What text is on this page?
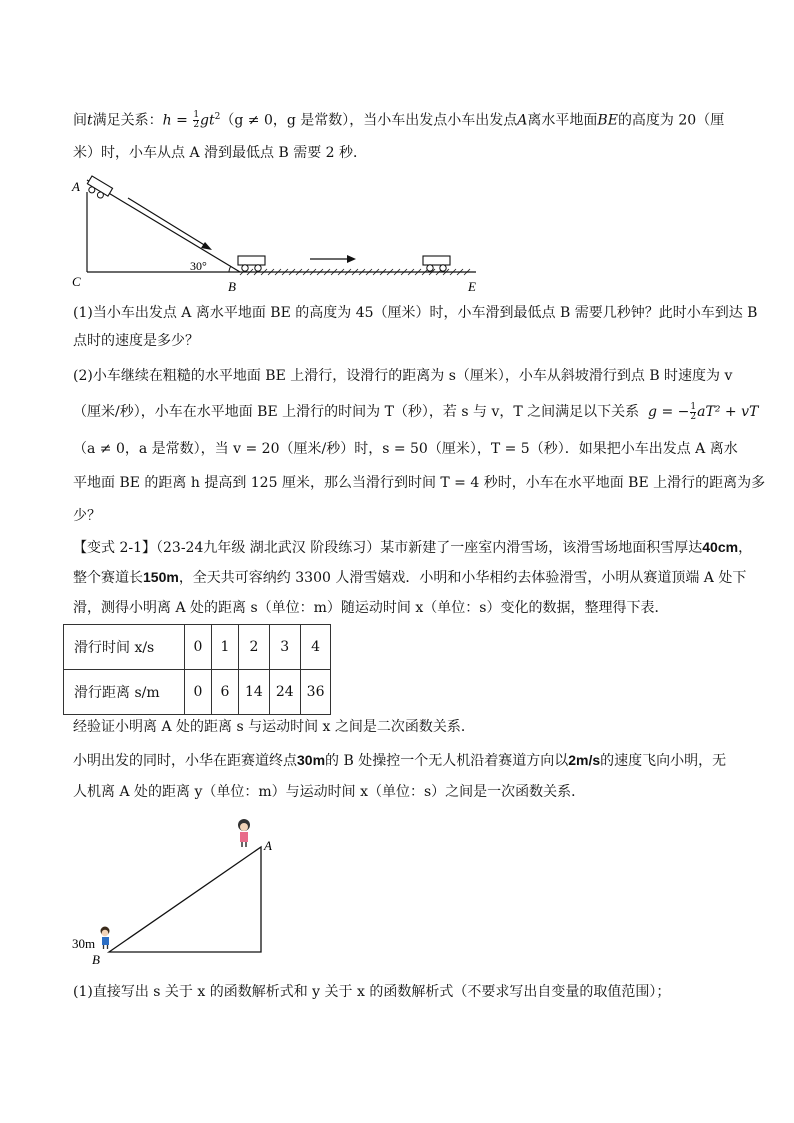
间t满足关系：$h = \frac{1}{2} gt^2(g \ne 0$，g 是常数），当小车出发点小车出发点A离水平地面BE的高度为 20（厘
米）时，小车从点 A 滑到最低点 B 需要 2 秒．
30°
A
C	B	E
(1)当小车出发点 A 离水平地面 BE 的高度为 45（厘米）时，小车滑到最低点 B 需要几秒钟？此时小车到达 B
点时的速度是多少？
(2)小车继续在粗糙的水平地面 BE 上滑行，设滑行的距离为 s（厘米），小车从斜坡滑行到点 B 时速度为 v
（厘米/秒），小车在水平地面 BE 上滑行的时间为 T（秒），若 s 与 v，T 之间满足以下关系  g = − $\frac{1}{2} aT^2$ + vT
（a ≠ 0，a 是常数），当 v = 20（厘米/秒）时，s = 50（厘米），T = 5（秒）．如果把小车出发点 A 离水
平地面 BE 的距离 h 提高到 125 厘米，那么当滑行到时间 T = 4 秒时，小车在水平地面 BE 上滑行的距离为多
少？
【变式 2-1】（23-24九年级 湖北武汉 阶段练习）某市新建了一座室内滑雪场，该滑雪场地面积雪厚达40cm，
整个赛道长150m，全天共可容纳约 3300 人滑雪嬉戏．小明和小华相约去体验滑雪，小明从赛道顶端 A 处下
滑，测得小明离 A 处的距离 s（单位：m）随运动时间 x（单位：s）变化的数据，整理得下表．
滑行时间 x/s	0	1	2	3	4
滑行距离 s/m	0	6	14	24	36
经验证小明离 A 处的距离 s 与运动时间 x 之间是二次函数关系．
小明出发的同时，小华在距赛道终点30m的 B 处操控一个无人机沿着赛道方向以2m/s的速度飞向小明，无
人机离 A 处的距离 y（单位：m）与运动时间 x（单位：s）之间是一次函数关系．
A
30m
B
(1)直接写出 s 关于 x 的函数解析式和 y 关于 x 的函数解析式（不要求写出自变量的取值范围）；
